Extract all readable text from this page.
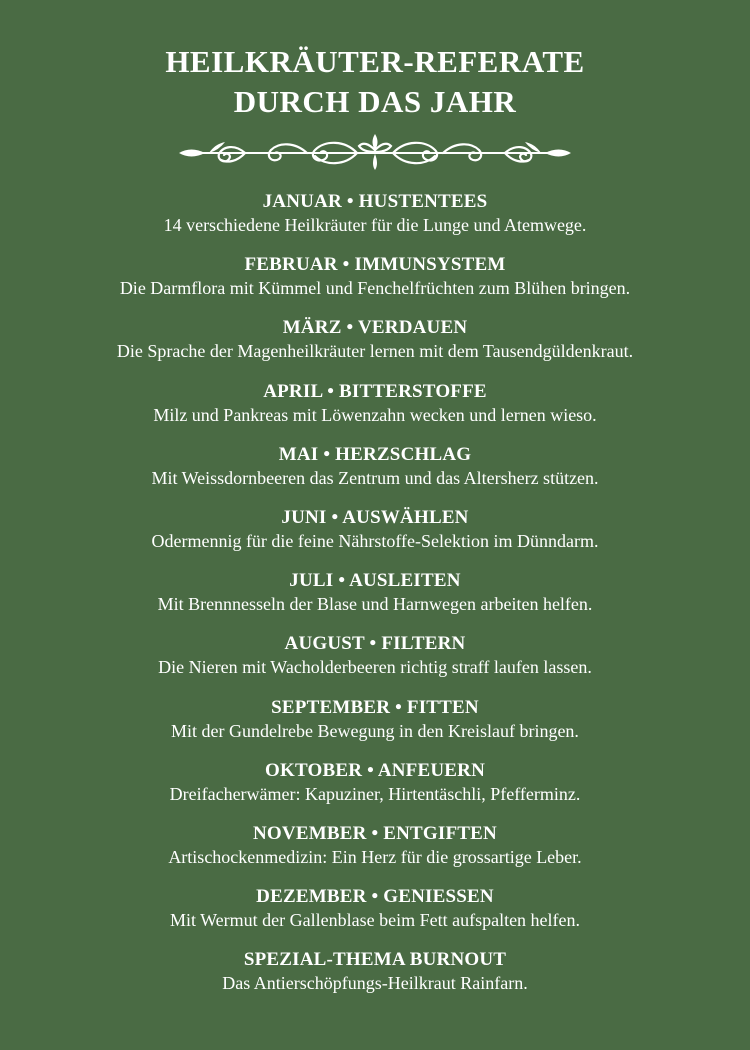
HEILKRÄUTER-REFERATE
DURCH DAS JAHR
JANUAR • HUSTENTEES
14 verschiedene Heilkräuter für die Lunge und Atemwege.
FEBRUAR • IMMUNSYSTEM
Die Darmflora mit Kümmel und Fenchelfrüchten zum Blühen bringen.
MÄRZ • VERDAUEN
Die Sprache der Magenheilkräuter lernen mit dem Tausendgüldenkraut.
APRIL • BITTERSTOFFE
Milz und Pankreas mit Löwenzahn wecken und lernen wieso.
MAI • HERZSCHLAG
Mit Weissdornbeeren das Zentrum und das Altersherz stützen.
JUNI • AUSWÄHLEN
Odermennig für die feine Nährstoffe-Selektion im Dünndarm.
JULI • AUSLEITEN
Mit Brennnesseln der Blase und Harnwegen arbeiten helfen.
AUGUST • FILTERN
Die Nieren mit Wacholderbeeren richtig straff laufen lassen.
SEPTEMBER • FITTEN
Mit der Gundelrebe Bewegung in den Kreislauf bringen.
OKTOBER • ANFEUERN
Dreifacherwämer: Kapuziner, Hirtentäschli, Pfefferminz.
NOVEMBER • ENTGIFTEN
Artischockenmedizin: Ein Herz für die grossartige Leber.
DEZEMBER • GENIESSEN
Mit Wermut der Gallenblase beim Fett aufspalten helfen.
SPEZIAL-THEMA BURNOUT
Das Antierschöpfungs-Heilkraut Rainfarn.
